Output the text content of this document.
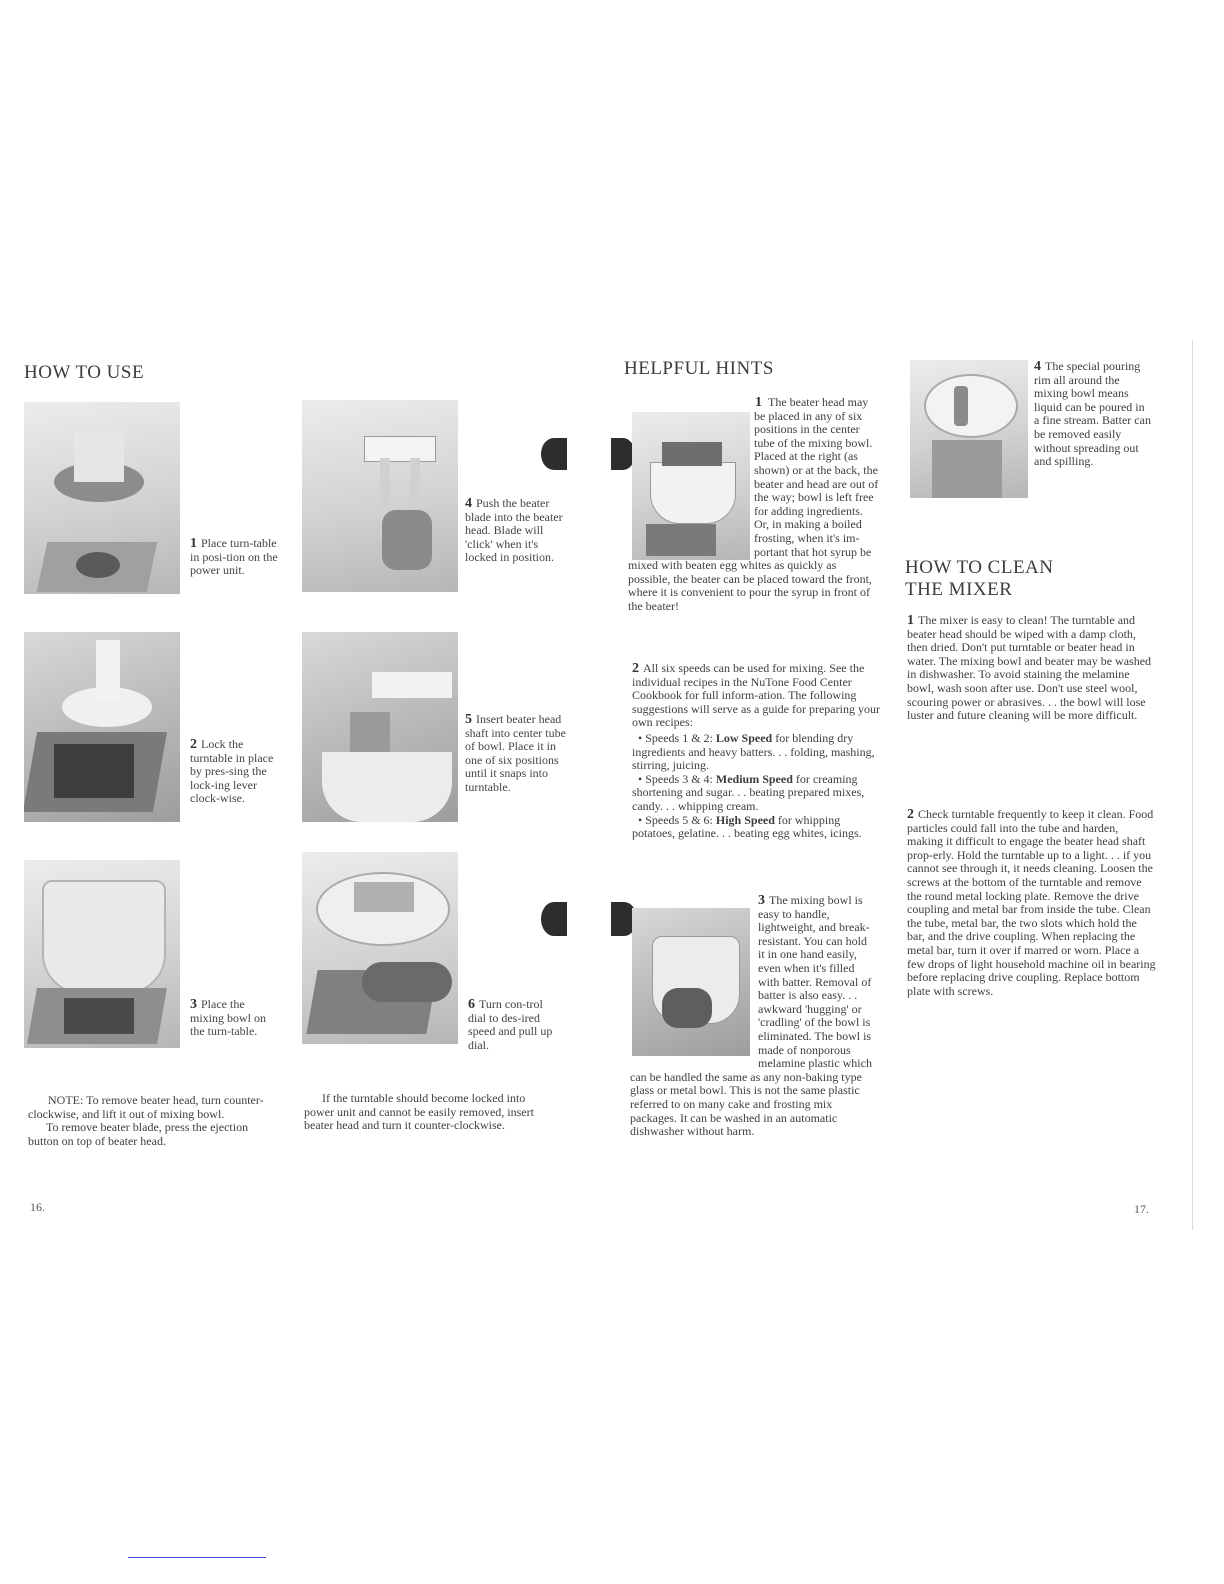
HOW TO USE
1 Place turn-table in posi-tion on the power unit.
2 Lock the turntable in place by pres-sing the lock-ing lever clock-wise.
3 Place the mixing bowl on the turn-table.
4 Push the beater blade into the beater head. Blade will 'click' when it's locked in position.
5 Insert beater head shaft into center tube of bowl. Place it in one of six positions until it snaps into turntable.
6 Turn con-trol dial to des-ired speed and pull up dial.
NOTE: To remove beater head, turn counter-clockwise, and lift it out of mixing bowl.
To remove beater blade, press the ejection button on top of beater head.
If the turntable should become locked into power unit and cannot be easily removed, insert beater head and turn it counter-clockwise.
16.
HELPFUL HINTS
1 The beater head may be placed in any of six positions in the center tube of the mixing bowl. Placed at the right (as shown) or at the back, the beater and head are out of the way; bowl is left free for adding ingredients. Or, in making a boiled frosting, when it's im-portant that hot syrup be mixed with beaten egg whites as quickly as possible, the beater can be placed toward the front, where it is convenient to pour the syrup in front of the beater!
2 All six speeds can be used for mixing. See the individual recipes in the NuTone Food Center Cookbook for full inform-ation. The following suggestions will serve as a guide for preparing your own recipes:
• Speeds 1 & 2: Low Speed for blending dry ingredients and heavy batters. . . folding, mashing, stirring, juicing.
• Speeds 3 & 4: Medium Speed for creaming shortening and sugar. . . beating prepared mixes, candy. . . whipping cream.
• Speeds 5 & 6: High Speed for whipping potatoes, gelatine. . . beating egg whites, icings.
3 The mixing bowl is easy to handle, lightweight, and break-resistant. You can hold it in one hand easily, even when it's filled with batter. Removal of batter is also easy. . . awkward 'hugging' or 'cradling' of the bowl is eliminated. The bowl is made of nonporous melamine plastic which can be handled the same as any non-baking type glass or metal bowl. This is not the same plastic referred to on many cake and frosting mix packages. It can be washed in an automatic dishwasher without harm.
4 The special pouring rim all around the mixing bowl means liquid can be poured in a fine stream. Batter can be removed easily without spreading out and spilling.
HOW TO CLEAN
THE MIXER
1 The mixer is easy to clean! The turntable and beater head should be wiped with a damp cloth, then dried. Don't put turntable or beater head in water. The mixing bowl and beater may be washed in dishwasher. To avoid staining the melamine bowl, wash soon after use. Don't use steel wool, scouring power or abrasives. . . the bowl will lose luster and future cleaning will be more difficult.
2 Check turntable frequently to keep it clean. Food particles could fall into the tube and harden, making it difficult to engage the beater head shaft prop-erly. Hold the turntable up to a light. . . if you cannot see through it, it needs cleaning. Loosen the screws at the bottom of the turntable and remove the round metal locking plate. Remove the drive coupling and metal bar from inside the tube. Clean the tube, metal bar, the two slots which hold the bar, and the drive coupling. When replacing the metal bar, turn it over if marred or worn. Place a few drops of light household machine oil in bearing before replacing drive coupling. Replace bottom plate with screws.
17.
